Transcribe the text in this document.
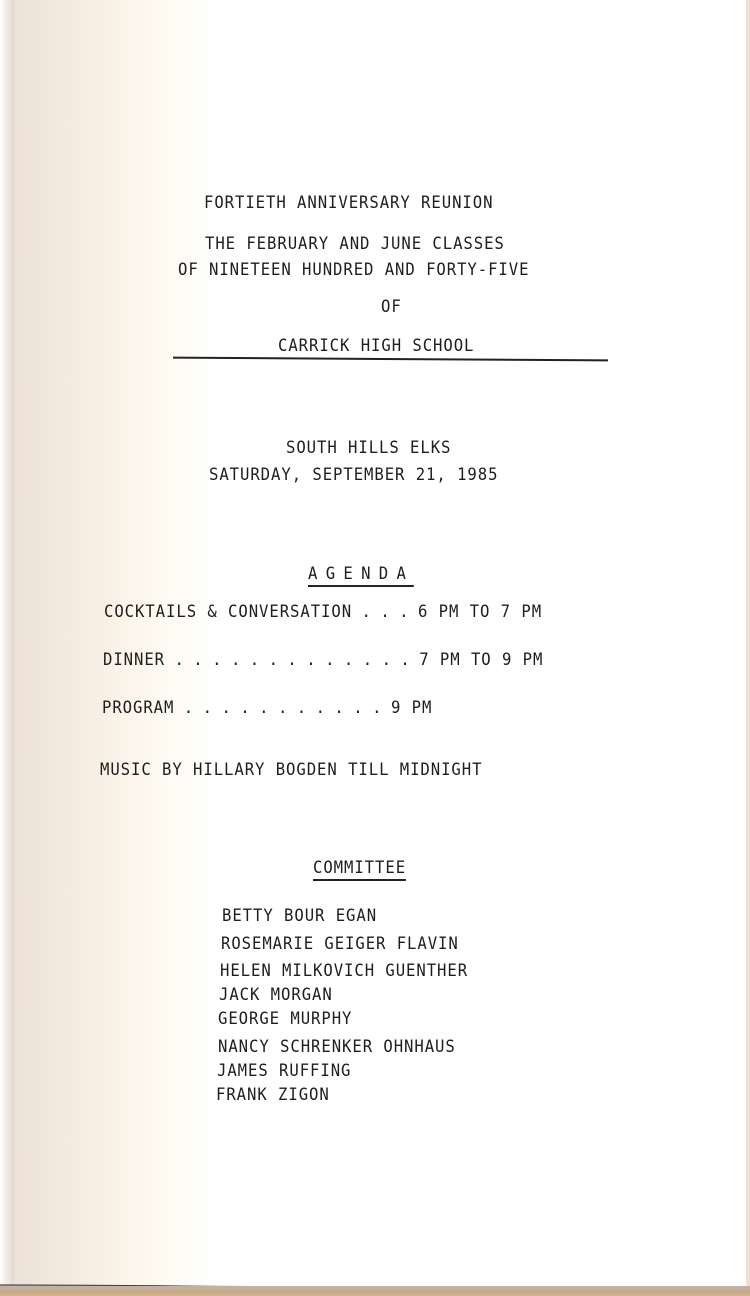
FORTIETH ANNIVERSARY REUNION
THE FEBRUARY AND JUNE CLASSES
OF NINETEEN HUNDRED AND FORTY-FIVE
OF
CARRICK HIGH SCHOOL
SOUTH HILLS ELKS
SATURDAY, SEPTEMBER 21, 1985
AGENDA
COCKTAILS & CONVERSATION . . . 6 PM TO 7 PM
DINNER . . . . . . . . . . . . . 7 PM TO 9 PM
PROGRAM . . . . . . . . . . . 9 PM
MUSIC BY HILLARY BOGDEN TILL MIDNIGHT
COMMITTEE
BETTY BOUR EGAN
ROSEMARIE GEIGER FLAVIN
HELEN MILKOVICH GUENTHER
JACK MORGAN
GEORGE MURPHY
NANCY SCHRENKER OHNHAUS
JAMES RUFFING
FRANK ZIGON
